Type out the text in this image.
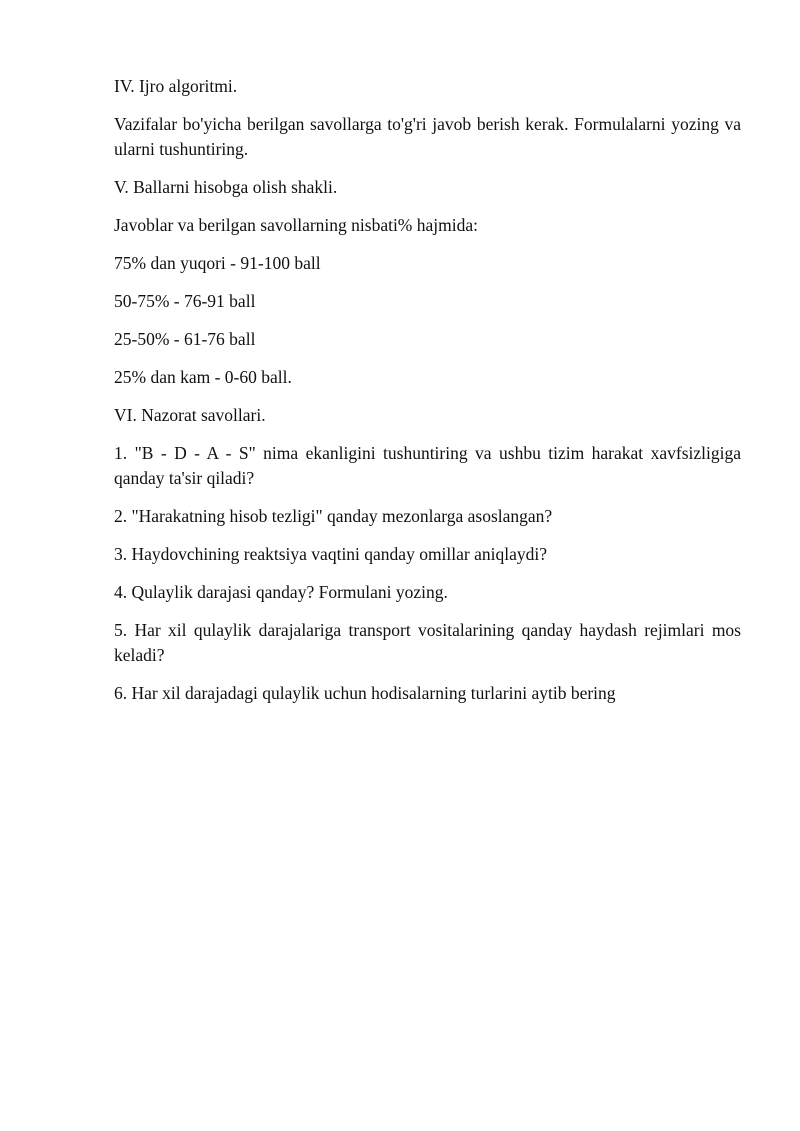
IV. Ijro algoritmi.

Vazifalar bo'yicha berilgan savollarga to'g'ri javob berish kerak. Formulalarni yozing va ularni tushuntiring.

V. Ballarni hisobga olish shakli.

Javoblar va berilgan savollarning nisbati% hajmida:

75% dan yuqori - 91-100 ball

50-75% - 76-91 ball

25-50% - 61-76 ball

25% dan kam - 0-60 ball.

VI. Nazorat savollari.

1. "B - D - A - S" nima ekanligini tushuntiring va ushbu tizim harakat xavfsizligiga qanday ta'sir qiladi?

2. "Harakatning hisob tezligi" qanday mezonlarga asoslangan?

3. Haydovchining reaktsiya vaqtini qanday omillar aniqlaydi?

4. Qulaylik darajasi qanday? Formulani yozing.

5. Har xil qulaylik darajalariga transport vositalarining qanday haydash rejimlari mos keladi?

6. Har xil darajadagi qulaylik uchun hodisalarning turlarini aytib bering
